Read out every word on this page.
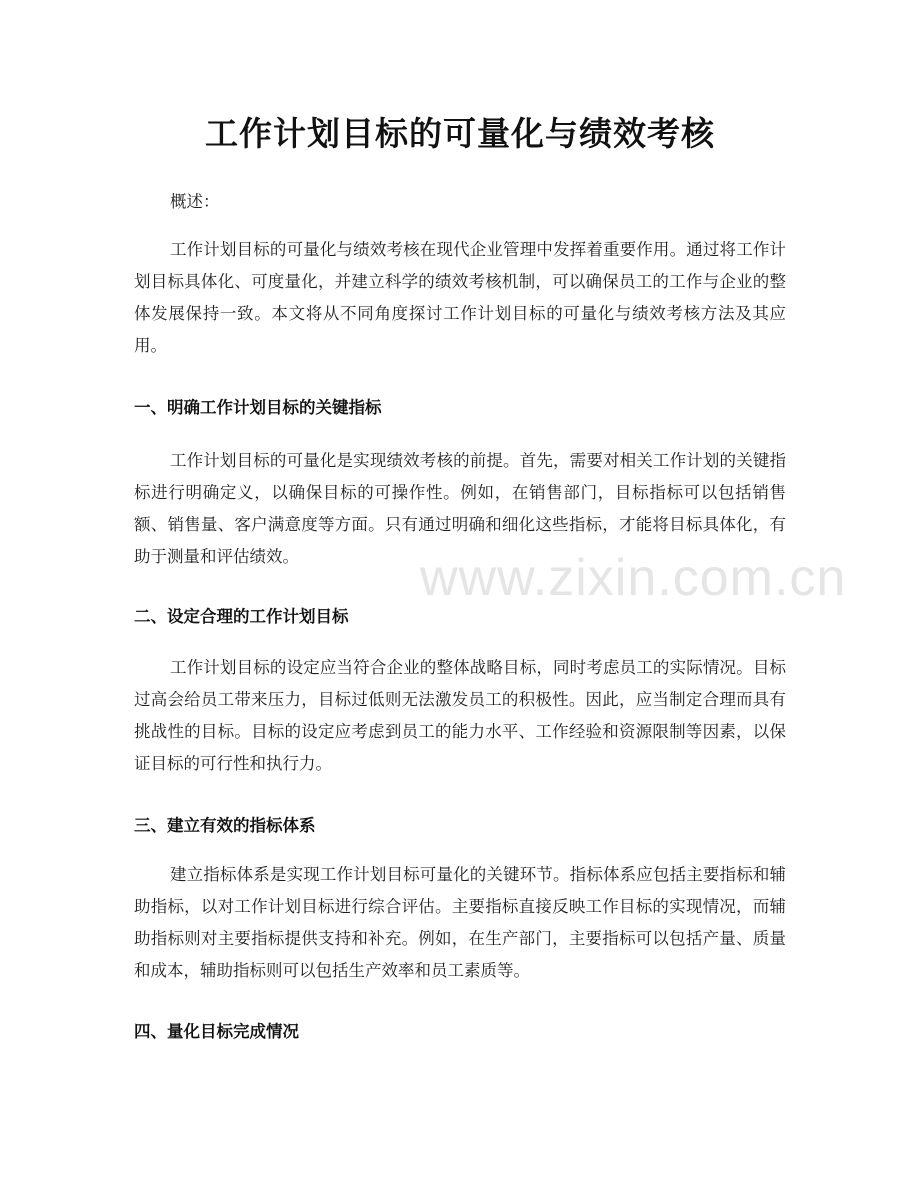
工作计划目标的可量化与绩效考核

概述：

工作计划目标的可量化与绩效考核在现代企业管理中发挥着重要作用。通过将工作计划目标具体化、可度量化，并建立科学的绩效考核机制，可以确保员工的工作与企业的整体发展保持一致。本文将从不同角度探讨工作计划目标的可量化与绩效考核方法及其应用。

一、明确工作计划目标的关键指标

工作计划目标的可量化是实现绩效考核的前提。首先，需要对相关工作计划的关键指标进行明确定义，以确保目标的可操作性。例如，在销售部门，目标指标可以包括销售额、销售量、客户满意度等方面。只有通过明确和细化这些指标，才能将目标具体化，有助于测量和评估绩效。

二、设定合理的工作计划目标

工作计划目标的设定应当符合企业的整体战略目标，同时考虑员工的实际情况。目标过高会给员工带来压力，目标过低则无法激发员工的积极性。因此，应当制定合理而具有挑战性的目标。目标的设定应考虑到员工的能力水平、工作经验和资源限制等因素，以保证目标的可行性和执行力。

三、建立有效的指标体系

建立指标体系是实现工作计划目标可量化的关键环节。指标体系应包括主要指标和辅助指标，以对工作计划目标进行综合评估。主要指标直接反映工作目标的实现情况，而辅助指标则对主要指标提供支持和补充。例如，在生产部门，主要指标可以包括产量、质量和成本，辅助指标则可以包括生产效率和员工素质等。

四、量化目标完成情况
www.zixin.com.cn
